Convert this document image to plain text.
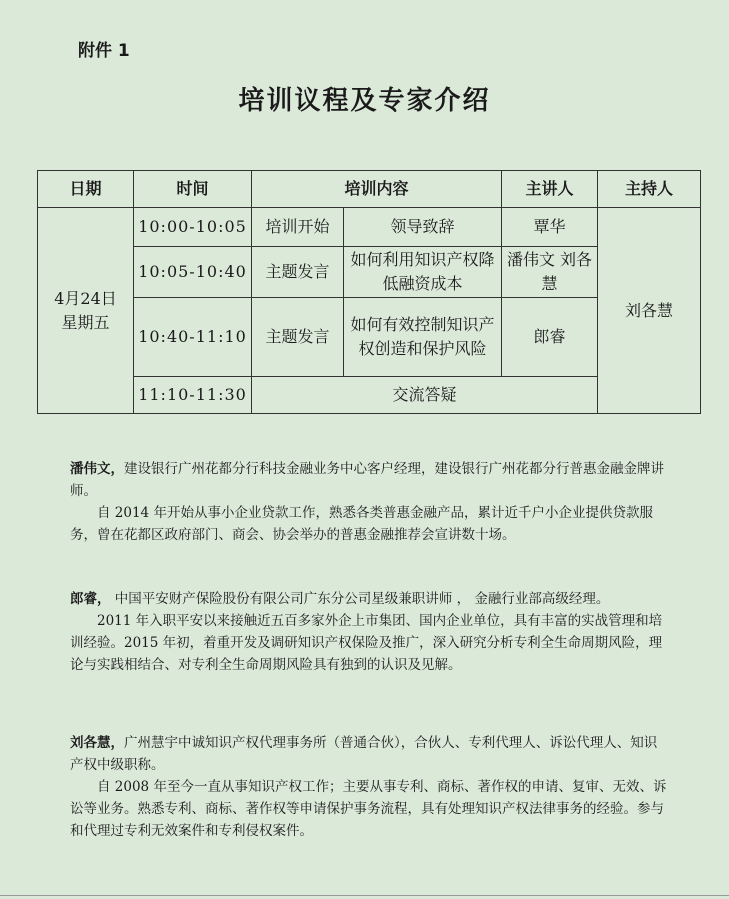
附件 1
培训议程及专家介绍
日期	时间	培训内容		主讲人	主持人

4月24日
星期五	10:00-10:05	培训开始	领导致辞	覃华	刘各慧
	10:05-10:40	主题发言	如何利用知识产权降低融资成本	潘伟文 刘各慧	
	10:40-11:10	主题发言	如何有效控制知识产权创造和保护风险	郎睿	
	11:10-11:30	交流答疑			

潘伟文，建设银行广州花都分行科技金融业务中心客户经理，建设银行广州花都分行普惠金融金牌讲师。

自 2014 年开始从事小企业贷款工作，熟悉各类普惠金融产品，累计近千户小企业提供贷款服务，曾在花都区政府部门、商会、协会举办的普惠金融推荐会宣讲数十场。

郎睿， 中国平安财产保险股份有限公司广东分公司星级兼职讲师 ， 金融行业部高级经理。

2011 年入职平安以来接触近五百多家外企上市集团、国内企业单位，具有丰富的实战管理和培训经验。2015 年初，着重开发及调研知识产权保险及推广，深入研究分析专利全生命周期风险，理论与实践相结合、对专利全生命周期风险具有独到的认识及见解。

刘各慧，广州慧宇中诚知识产权代理事务所（普通合伙），合伙人、专利代理人、诉讼代理人、知识产权中级职称。

自 2008 年至今一直从事知识产权工作；主要从事专利、商标、著作权的申请、复审、无效、诉讼等业务。熟悉专利、商标、著作权等申请保护事务流程，具有处理知识产权法律事务的经验。参与和代理过专利无效案件和专利侵权案件。
